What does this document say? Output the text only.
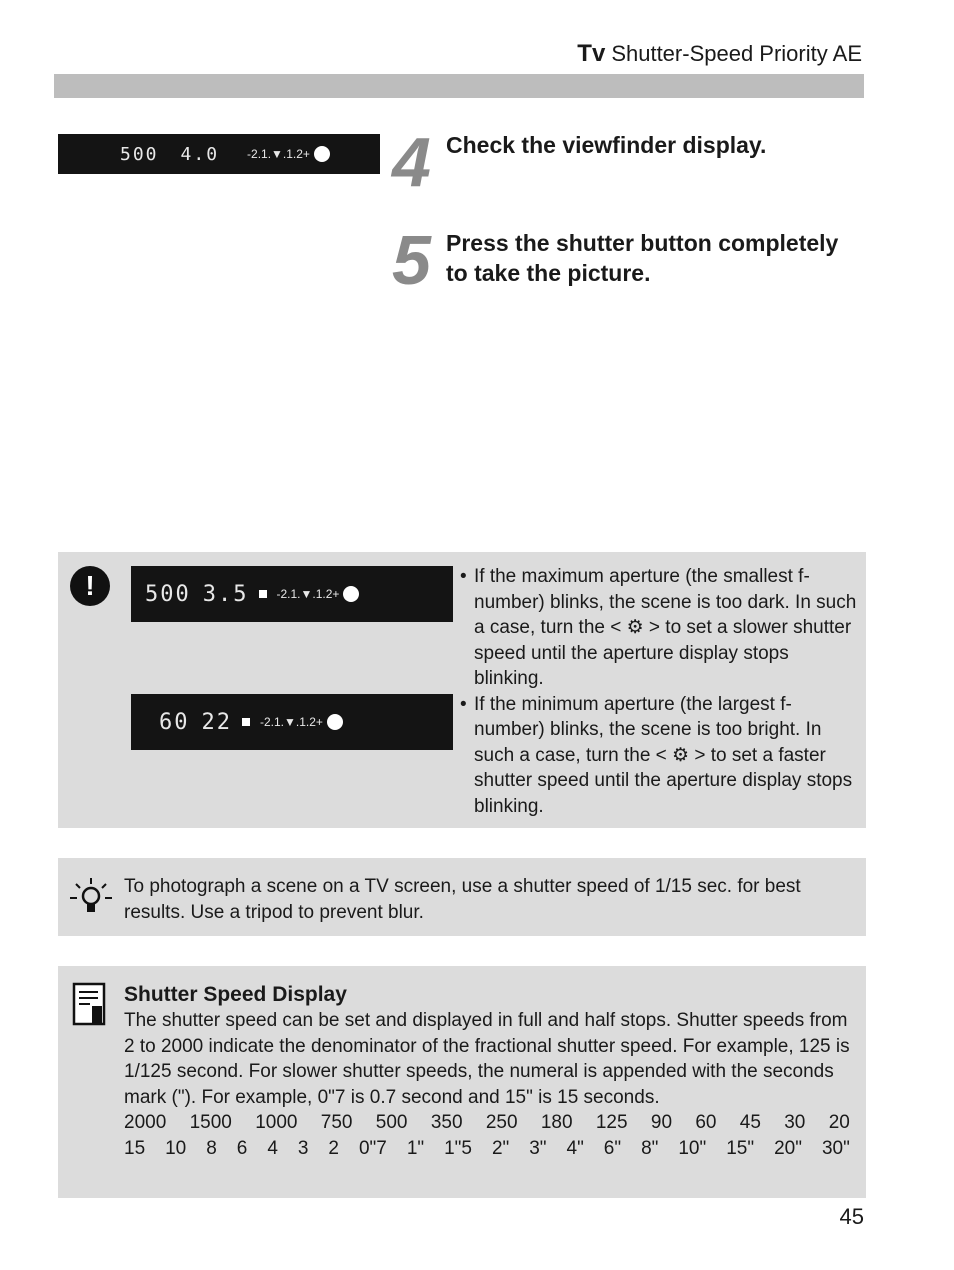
Tv Shutter-Speed Priority AE
500 4.0 -2.1.▼.1.2+ 4 Check the viewfinder display.
5 Press the shutter button completely to take the picture.
!	500 3.5 -2.1.▼.1.2+
60 22 -2.1.▼.1.2+
• If the maximum aperture (the smallest f-number) blinks, the scene is too dark. In such a case, turn the < ⚙ > to set a slower shutter speed until the aperture display stops blinking.
• If the minimum aperture (the largest f-number) blinks, the scene is too bright. In such a case, turn the < ⚙ > to set a faster shutter speed until the aperture display stops blinking.
To photograph a scene on a TV screen, use a shutter speed of 1/15 sec. for best results. Use a tripod to prevent blur.
Shutter Speed Display
The shutter speed can be set and displayed in full and half stops. Shutter speeds from 2 to 2000 indicate the denominator of the fractional shutter speed. For example, 125 is 1/125 second. For slower shutter speeds, the numeral is appended with the seconds mark ("). For example, 0"7 is 0.7 second and 15" is 15 seconds.
2000 1500 1000 750 500 350 250 180 125 90 60 45 30 20
15 10 8 6 4 3 2 0"7 1" 1"5 2" 3" 4" 6" 8" 10" 15" 20" 30"
45
